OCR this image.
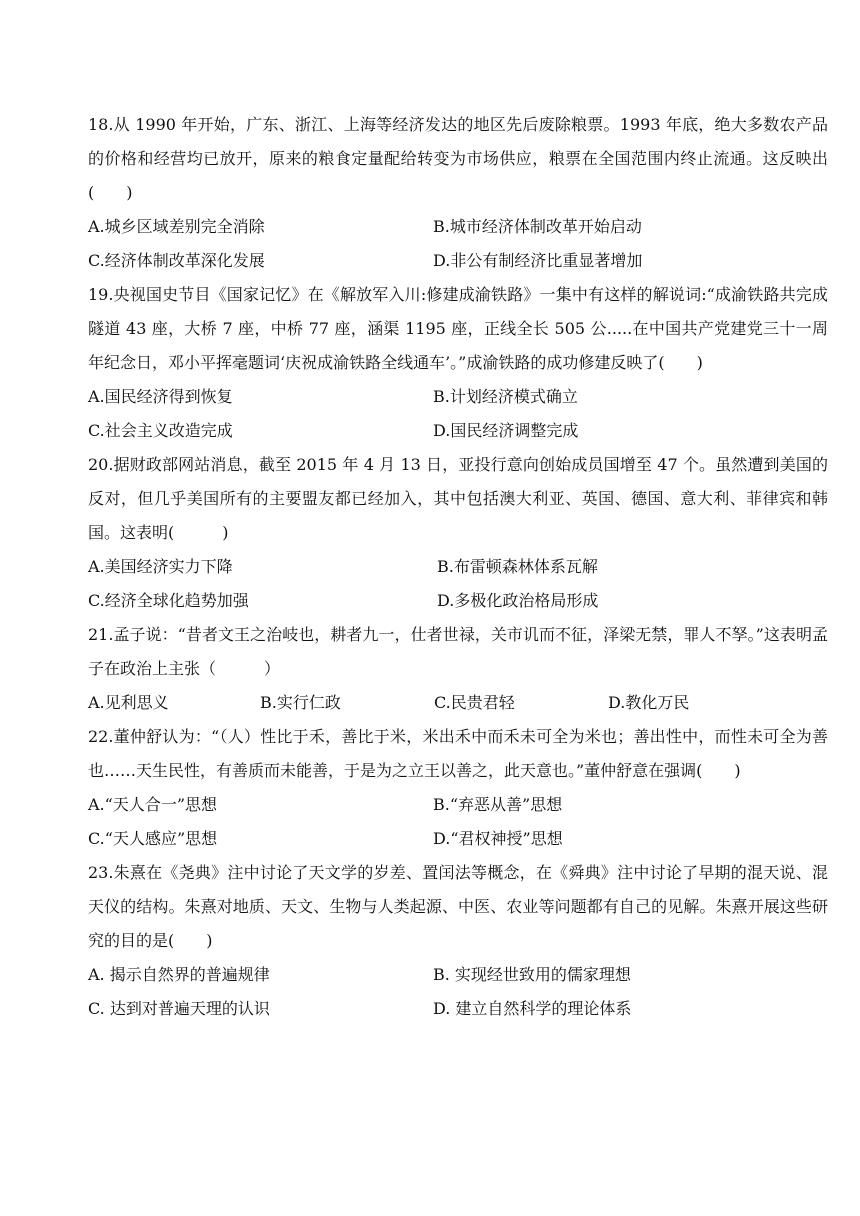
18.从 1990 年开始，广东、浙江、上海等经济发达的地区先后废除粮票。1993 年底，绝大多数农产品的价格和经营均已放开，原来的粮食定量配给转变为市场供应，粮票在全国范围内终止流通。这反映出(　　)

A.城乡区域差别完全消除	B.城市经济体制改革开始启动
C.经济体制改革深化发展	D.非公有制经济比重显著增加

19.央视国史节目《国家记忆》在《解放军入川:修建成渝铁路》一集中有这样的解说词:“成渝铁路共完成隧道 43 座，大桥 7 座，中桥 77 座，涵渠 1195 座，正线全长 505 公.....在中国共产党建党三十一周年纪念日，邓小平挥毫题词‘庆祝成渝铁路全线通车’。”成渝铁路的成功修建反映了(　　)

A.国民经济得到恢复	B.计划经济模式确立
C.社会主义改造完成	D.国民经济调整完成

20.据财政部网站消息，截至 2015 年 4 月 13 日，亚投行意向创始成员国增至 47 个。虽然遭到美国的反对，但几乎美国所有的主要盟友都已经加入，其中包括澳大利亚、英国、德国、意大利、菲律宾和韩国。这表明(　　　)

A.美国经济实力下降	B.布雷顿森林体系瓦解
C.经济全球化趋势加强	D.多极化政治格局形成

21.孟子说：“昔者文王之治岐也，耕者九一，仕者世禄，关市讥而不征，泽梁无禁，罪人不孥。”这表明孟子在政治上主张（　　　）

A.见利思义	B.实行仁政	C.民贵君轻	D.教化万民

22.董仲舒认为：“（人）性比于禾，善比于米，米出禾中而禾未可全为米也；善出性中，而性未可全为善也……天生民性，有善质而未能善，于是为之立王以善之，此天意也。”董仲舒意在强调(　　)

A.“天人合一”思想	B.“弃恶从善”思想
C.“天人感应”思想	D.“君权神授”思想

23.朱熹在《尧典》注中讨论了天文学的岁差、置闰法等概念，在《舜典》注中讨论了早期的混天说、混天仪的结构。朱熹对地质、天文、生物与人类起源、中医、农业等问题都有自己的见解。朱熹开展这些研究的目的是(　　)

A. 揭示自然界的普遍规律	B. 实现经世致用的儒家理想
C. 达到对普遍天理的认识	D. 建立自然科学的理论体系
